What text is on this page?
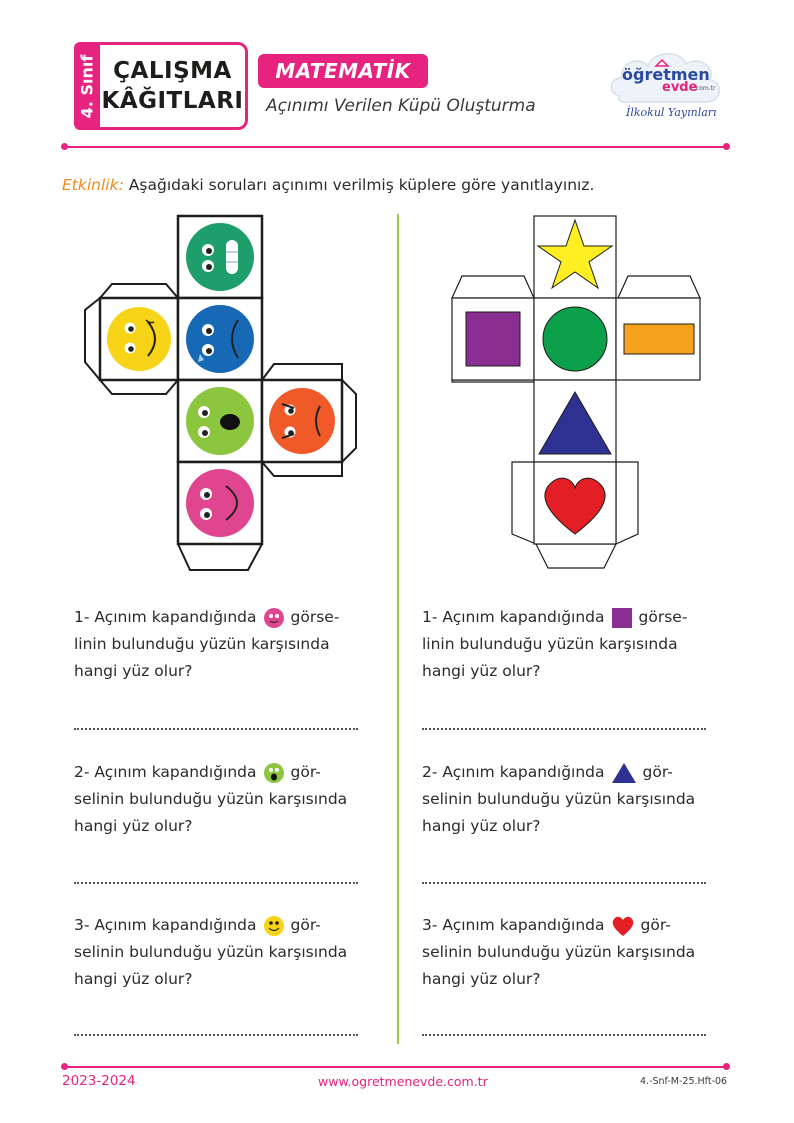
4. Sınıf ÇALIŞMA
KÂĞITLARI
MATEMATİK
Açınımı Verilen Küpü Oluşturma
öğretmen
evde
.com.tr
İlkokul Yayınları
Etkinlik: Aşağıdaki soruları açınımı verilmiş küplere göre yanıtlayınız.
1- Açınım kapandığında görse-
linin bulunduğu yüzün karşısında
hangi yüz olur?
2- Açınım kapandığında gör-
selinin bulunduğu yüzün karşısında
hangi yüz olur?
3- Açınım kapandığında gör-
selinin bulunduğu yüzün karşısında
hangi yüz olur?
1- Açınım kapandığında görse-
linin bulunduğu yüzün karşısında
hangi yüz olur?
2- Açınım kapandığında gör-
selinin bulunduğu yüzün karşısında
hangi yüz olur?
3- Açınım kapandığında gör-
selinin bulunduğu yüzün karşısında
hangi yüz olur?
2023-2024	www.ogretmenevde.com.tr	4.-Snf-M-25.Hft-06
